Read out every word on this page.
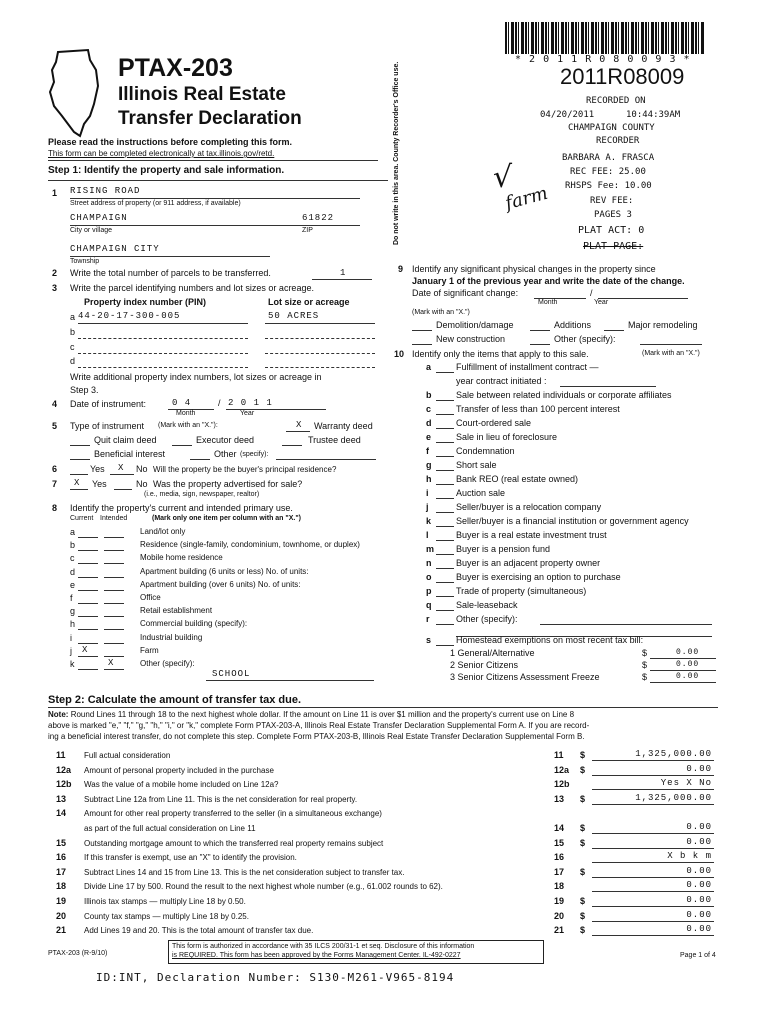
PTAX-203
Illinois Real Estate
Transfer Declaration
Please read the instructions before completing this form.
This form can be completed electronically at tax.illinois.gov/retd.
Step 1: Identify the property and sale information.	Do not write in this area. County Recorder's Office use.
* 2 0 1 1 R 0 8 0 0 9 3 *
2011R08009
RECORDED ON
04/20/2011	10:44:39AM
CHAMPAIGN COUNTY
RECORDER
BARBARA A. FRASCA
REC FEE: 25.00
RHSPS Fee: 10.00
REV FEE:
PAGES 3
PLAT ACT: 0
PLAT PAGE:
√
farm
1 RISING ROAD
Street address of property (or 911 address, if available)
CHAMPAIGN	61822
City or village	ZIP
CHAMPAIGN CITY
Township
2 Write the total number of parcels to be transferred.	1
3 Write the parcel identifying numbers and lot sizes or acreage.
Property index number (PIN)	Lot size or acreage
a 44-20-17-300-005	50 ACRES
b
c
d
Write additional property index numbers, lot sizes or acreage in
Step 3.
4 Date of instrument:	0 4	/ 2 0 1 1
Month	Year
5 Type of instrument (Mark with an "X."):	X Warranty deed
Quit claim deed	Executor deed	Trustee deed
Beneficial interest	Other (specify):
6	Yes X No Will the property be the buyer's principal residence?
7 X Yes	No Was the property advertised for sale?
(i.e., media, sign, newspaper, realtor)
8 Identify the property's current and intended primary use.
Current Intended	(Mark only one item per column with an "X.")
a	Land/lot only
b	Residence (single-family, condominium, townhome, or duplex)
c	Mobile home residence
d	Apartment building (6 units or less) No. of units:
e	Apartment building (over 6 units) No. of units:
f	Office
g	Retail establishment
h	Commercial building (specify):
i	Industrial building
j X	Farm
k	X	Other (specify):
SCHOOL
9 Identify any significant physical changes in the property since
January 1 of the previous year and write the date of the change.
Date of significant change:	/
Month	Year
(Mark with an "X.")
Demolition/damage	Additions	Major remodeling
New construction	Other (specify):
10 Identify only the items that apply to this sale.	(Mark with an "X.")
a	Fulfillment of installment contract —
year contract initiated :
b	Sale between related individuals or corporate affiliates
c	Transfer of less than 100 percent interest
d	Court-ordered sale
e	Sale in lieu of foreclosure
f	Condemnation
g	Short sale
h	Bank REO (real estate owned)
i	Auction sale
j	Seller/buyer is a relocation company
k	Seller/buyer is a financial institution or government agency
l	Buyer is a real estate investment trust
m Buyer is a pension fund
n	Buyer is an adjacent property owner
o	Buyer is exercising an option to purchase
p	Trade of property (simultaneous)
q	Sale-leaseback
r	Other (specify):
s	Homestead exemptions on most recent tax bill:
1 General/Alternative	$	0.00
2 Senior Citizens	$	0.00
3 Senior Citizens Assessment Freeze	$	0.00
Step 2: Calculate the amount of transfer tax due.
Note: Round Lines 11 through 18 to the next highest whole dollar. If the amount on Line 11 is over $1 million and the property's current use on Line 8
above is marked "e," "f," "g," "h," "i," or "k," complete Form PTAX-203-A, Illinois Real Estate Transfer Declaration Supplemental Form A. If you are record-
ing a beneficial interest transfer, do not complete this step. Complete Form PTAX-203-B, Illinois Real Estate Transfer Declaration Supplemental Form B.
11 Full actual consideration	11 $	1,325,000.00
12a Amount of personal property included in the purchase	12a $	0.00
12b Was the value of a mobile home included on Line 12a?	12b	Yes X No
13 Subtract Line 12a from Line 11. This is the net consideration for real property.	13 $	1,325,000.00
14 Amount for other real property transferred to the seller (in a simultaneous exchange)
as part of the full actual consideration on Line 11	14 $	0.00
15 Outstanding mortgage amount to which the transferred real property remains subject	15 $	0.00
16 If this transfer is exempt, use an "X" to identify the provision.	16	X b k m
17 Subtract Lines 14 and 15 from Line 13. This is the net consideration subject to transfer tax.	17 $	0.00
18 Divide Line 17 by 500. Round the result to the next highest whole number (e.g., 61.002 rounds to 62).	18	0.00
19 Illinois tax stamps — multiply Line 18 by 0.50.	19 $	0.00
20 County tax stamps — multiply Line 18 by 0.25.	20 $	0.00
21 Add Lines 19 and 20. This is the total amount of transfer tax due.	21 $	0.00
PTAX-203 (R-9/10)
This form is authorized in accordance with 35 ILCS 200/31-1 et seq. Disclosure of this information
is REQUIRED. This form has been approved by the Forms Management Center. IL-492-0227	Page 1 of 4
ID:INT, Declaration Number: S130-M261-V965-8194
